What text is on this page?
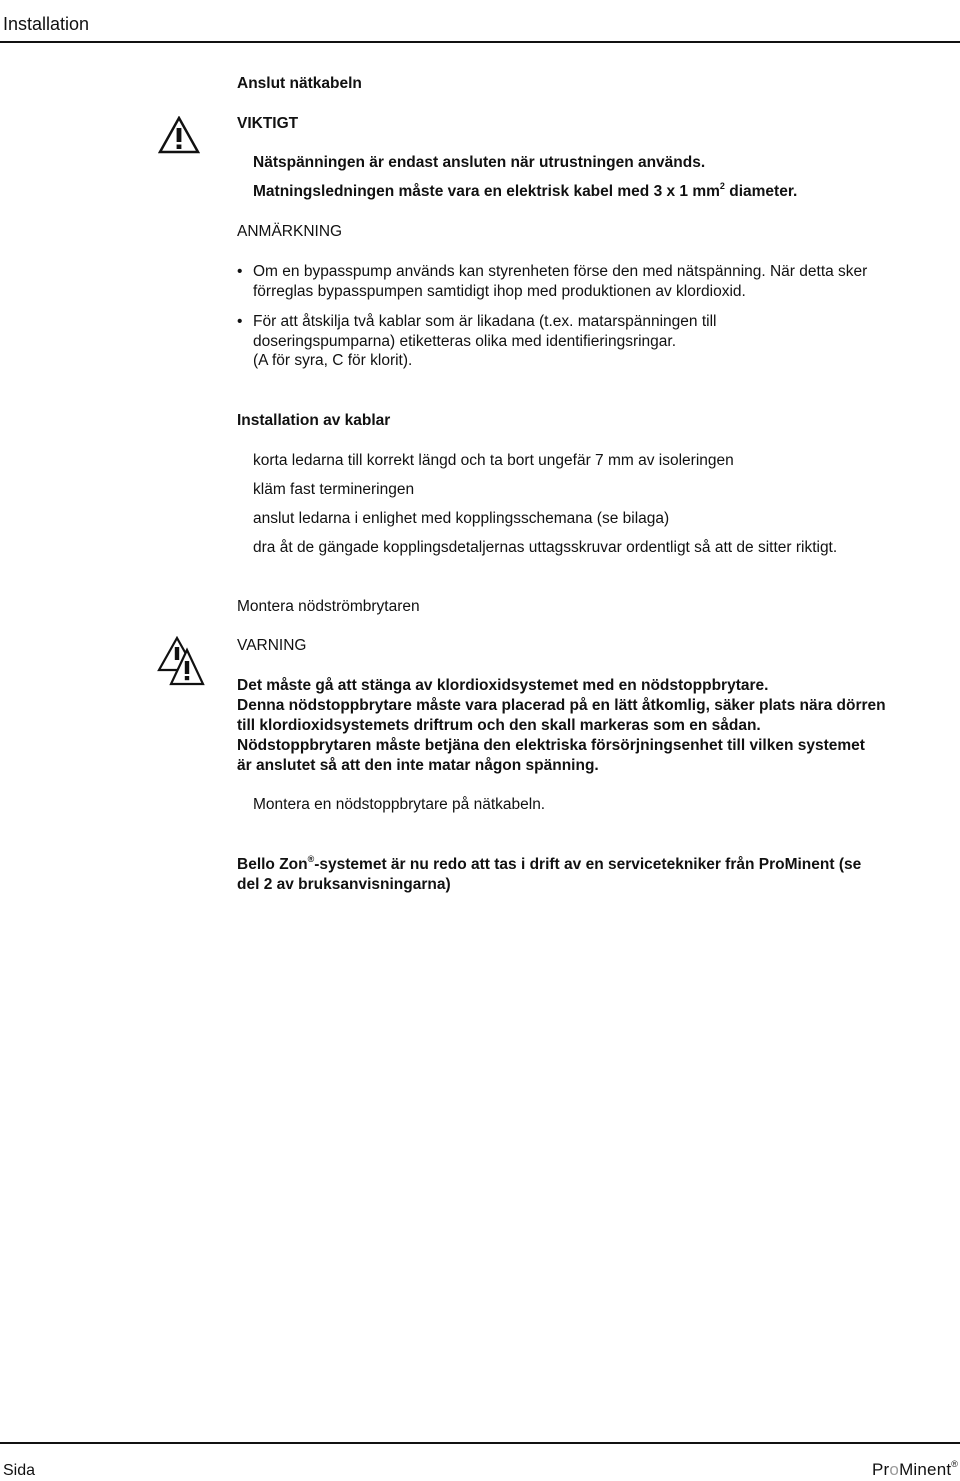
Installation
Anslut nätkabeln
VIKTIGT
Nätspänningen är endast ansluten när utrustningen används.
Matningsledningen måste vara en elektrisk kabel med 3 x 1 $mm^2$ diameter.
ANMÄRKNING
• Om en bypasspump används kan styrenheten förse den med nätspänning. När detta sker
förreglas bypasspumpen samtidigt ihop med produktionen av klordioxid.
• För att åtskilja två kablar som är likadana (t.ex. matarspänningen till
doseringspumparna) etiketteras olika med identifieringsringar.
(A för syra, C för klorit).
Installation av kablar
korta ledarna till korrekt längd och ta bort ungefär 7 mm av isoleringen
kläm fast termineringen
anslut ledarna i enlighet med kopplingsschemana (se bilaga)
dra åt de gängade kopplingsdetaljernas uttagsskruvar ordentligt så att de sitter riktigt.
Montera nödströmbrytaren
VARNING
Det måste gå att stänga av klordioxidsystemet med en nödstoppbrytare.
Denna nödstoppbrytare måste vara placerad på en lätt åtkomlig, säker plats nära dörren
till klordioxidsystemets driftrum och den skall markeras som en sådan.
Nödstoppbrytaren måste betjäna den elektriska försörjningsenhet till vilken systemet
är anslutet så att den inte matar någon spänning.
Montera en nödstoppbrytare på nätkabeln.
Bello Zon®-systemet är nu redo att tas i drift av en servicetekniker från ProMinent (se
del 2 av bruksanvisningarna)
Sida	ProMinent®
